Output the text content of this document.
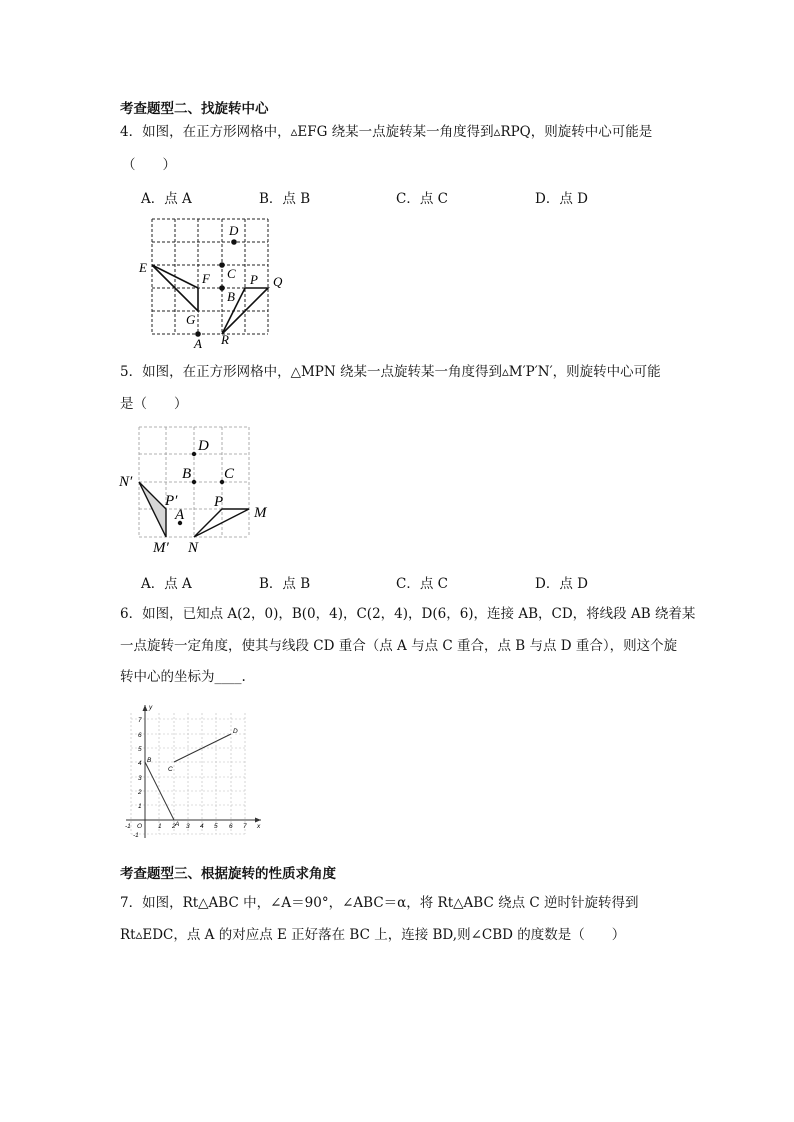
考查题型二、找旋转中心
4．如图，在正方形网格中，▵EFG 绕某一点旋转某一角度得到▵RPQ，则旋转中心可能是
（　　）
A．点 A	B．点 B	C．点 C	D．点 D
D
C
B
E
F	P Q
G
A R
5．如图，在正方形网格中，△MPN 绕某一点旋转某一角度得到▵M′P′N′，则旋转中心可能
是（　　）
D
B C
N′
P′ P
M
A
M′ N
A．点 A	B．点 B	C．点 C	D．点 D
6．如图，已知点 A(2，0)，B(0，4)，C(2，4)，D(6，6)，连接 AB，CD，将线段 AB 绕着某
一点旋转一定角度，使其与线段 CD 重合（点 A 与点 C 重合，点 B 与点 D 重合），则这个旋
转中心的坐标为____.
y
x
O	A
B
C
D
-1	1 2 3 4 5 6 7
-1
1
2
3
4
5
6
7
考查题型三、根据旋转的性质求角度
7．如图，Rt△ABC 中，∠A＝90°，∠ABC＝α，将 Rt△ABC 绕点 C 逆时针旋转得到
Rt▵EDC，点 A 的对应点 E 正好落在 BC 上，连接 BD,则∠CBD 的度数是（　　）
